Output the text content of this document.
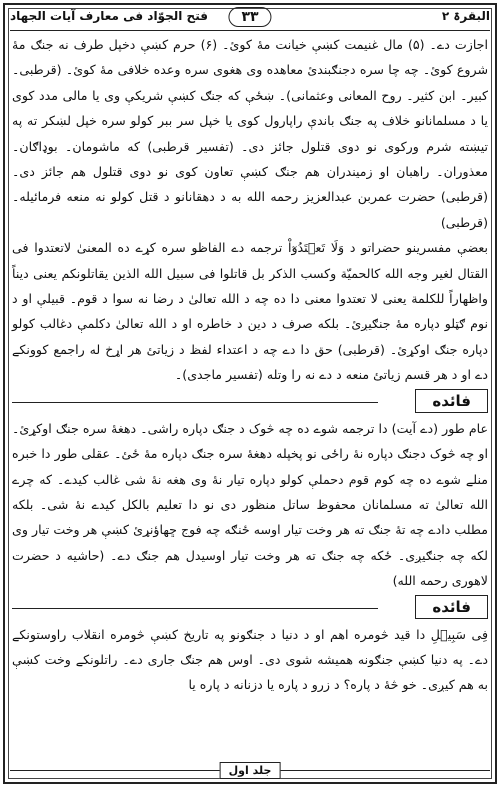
فتح الجوّاد فی معارف آیات الجهاد	۳۳	البقرۃ ۲

اجازت دے۔ (۵) مال غنیمت کښې خیانت مهٔ کوئ۔ (۶) حرم کښې دخپل طرف نه جنګ مهٔ شروع کوئ۔ چه چا سره دجنګبندئ معاهده وی هغوی سره وعده خلافی مهٔ کوئ۔ (قرطبی۔ کبیر۔ ابن کثیر۔ روح المعانی وعثمانی)۔ ښځې که جنګ کښې شریکې وی یا مالی مدد کوی یا د مسلمانانو خلاف په جنګ باندې راپارول کوی یا خپل سر ببر کولو سره خپل لښکر ته په تیښته شرم ورکوی نو دوی قتلول جائز دی۔ (تفسیر قرطبی) که ماشومان۔ بوډاګان۔ معذوران۔ راهبان او زمیندران هم جنګ کښې تعاون کوی نو دوی قتلول هم جائز دی۔ (قرطبی) حضرت عمربن عبدالعزیز رحمه الله به د دهقانانو د قتل کولو نه منعه فرمائیله۔ (قرطبی)

بعضې مفسرینو حضراتو د وَلَا تَعۡتَدُوٓاْ ترجمه دے الفاظو سره کړے ده المعنیٰ لاتعتدوا فی القتال لغیر وجه الله کالحمیّة وکسب الذکر بل قاتلوا فی سبیل الله الذین یقاتلونکم یعنی دیناً واظهاراً للکلمة یعنی لا تعتدوا معنی دا ده چه د الله تعالیٰ د رضا نه سوا د قوم۔ قبیلې او د نوم ګټلو دپاره مهٔ جنګیږئ۔ بلکه صرف د دین د خاطره او د الله تعالیٰ دکلمې دغالب کولو دپاره جنګ اوکړئ۔ (قرطبی) حق دا دے چه د اعتداء لفظ د زیاتئ هر اړخ له راجمع کوونکے دے او د هر قسم زیاتئ منعه د دے نه را وتله (تفسیر ماجدی)۔

فائده

عام طور (دے آیت) دا ترجمه شوے ده چه څوک د جنګ دپاره راشی۔ دهغهٔ سره جنګ اوکړئ۔ او چه څوک دجنګ دپاره نهٔ راځی نو پخپله دهغهٔ سره جنګ دپاره مهٔ ځئ۔ عقلی طور دا خبره منلے شوے ده چه کوم قوم دحملې کولو دپاره تیار نهٔ وی هغه نهٔ شی غالب کیدے۔ که چرے الله تعالیٰ ته مسلمانان محفوظ ساتل منظور دی نو دا تعلیم بالکل کیدے نهٔ شی۔ بلکه مطلب دادے چه تهٔ جنګ ته هر وخت تیار اوسه ځنګه چه فوج ڇهاؤنړئ کښې هر وخت تیار وی لکه چه جنګیږی۔ ځکه چه جنګ ته هر وخت تیار اوسیدل هم جنګ دے۔ (حاشیه د حضرت لاهوری رحمه الله)

فائده

فِی سَبِیۡلِ دا قید څومره اهم او د دنیا د جنګونو په تاریخ کښې څومره انقلاب راوستونکے دے۔ په دنیا کښې جنګونه همیشه شوی دی۔ اوس هم جنګ جاری دے۔ راتلونکے وخت کښې به هم کیږی۔ خو څهٔ د پاره؟ د زرو د پاره یا دزنانه د پاره یا

جلد اول
